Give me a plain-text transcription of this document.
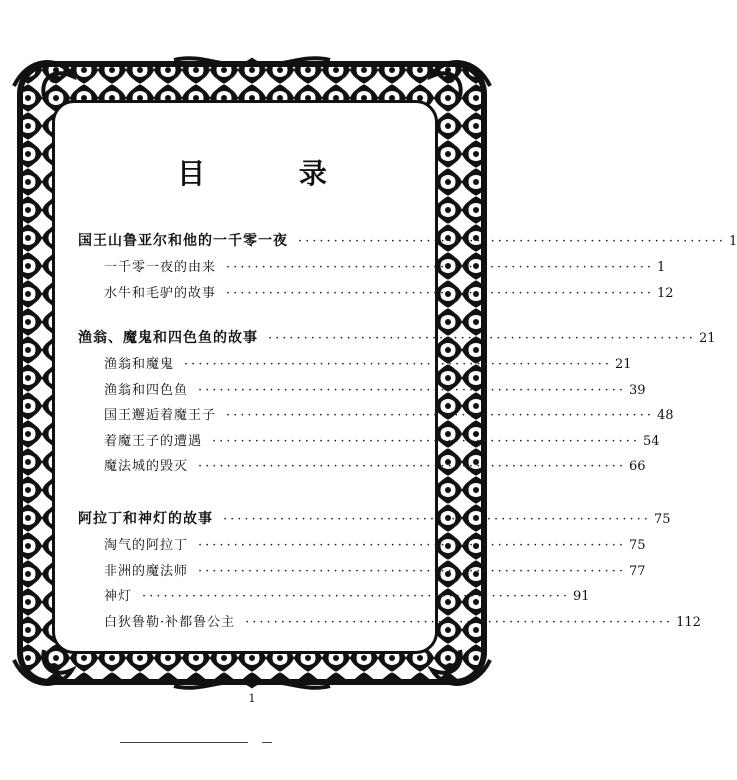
目 录
国王山鲁亚尔和他的一千零一夜 ···························································· 1
一千零一夜的由来 ···························································· 1
水牛和毛驴的故事 ···························································· 12
渔翁、魔鬼和四色鱼的故事 ···························································· 21
渔翁和魔鬼 ···························································· 21
渔翁和四色鱼 ···························································· 39
国王邂逅着魔王子 ···························································· 48
着魔王子的遭遇 ···························································· 54
魔法城的毁灭 ···························································· 66
阿拉丁和神灯的故事 ···························································· 75
淘气的阿拉丁 ···························································· 75
非洲的魔法师 ···························································· 77
神灯 ···························································· 91
白狄鲁勒·补都鲁公主 ···························································· 112
1
